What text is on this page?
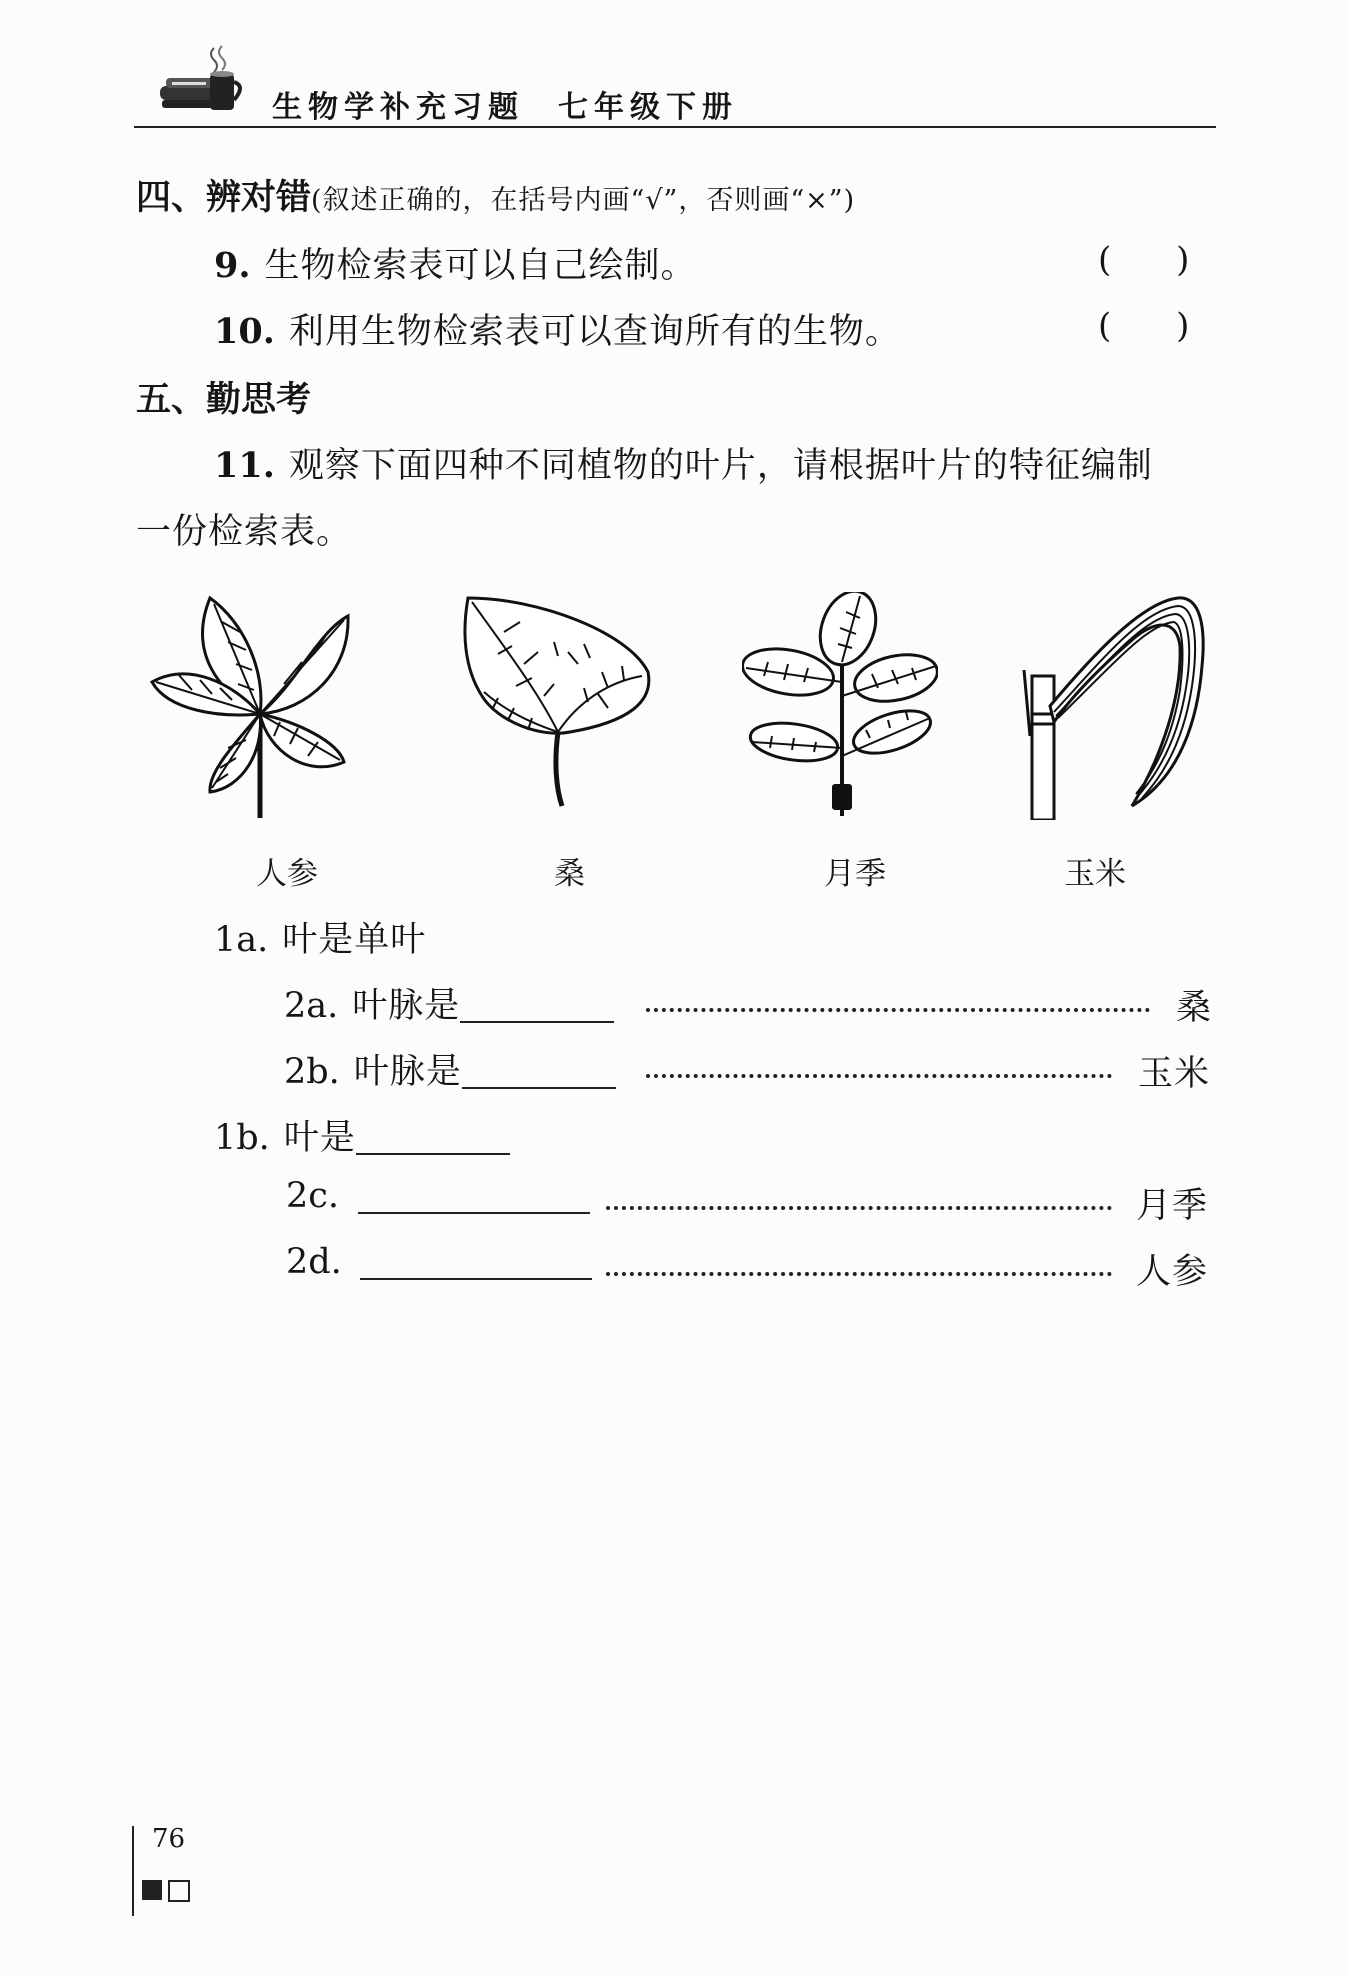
生物学补充习题 七年级下册
四、辨对错(叙述正确的，在括号内画“√”，否则画“×”)
9. 生物检索表可以自己绘制。	(      )
10. 利用生物检索表可以查询所有的生物。	(      )
五、勤思考
11. 观察下面四种不同植物的叶片，请根据叶片的特征编制
一份检索表。
人参	桑	月季	玉米
1a. 叶是单叶
2a. 叶脉是	桑
2b. 叶脉是	玉米
1b. 叶是
2c.	月季
2d.	人参
76
